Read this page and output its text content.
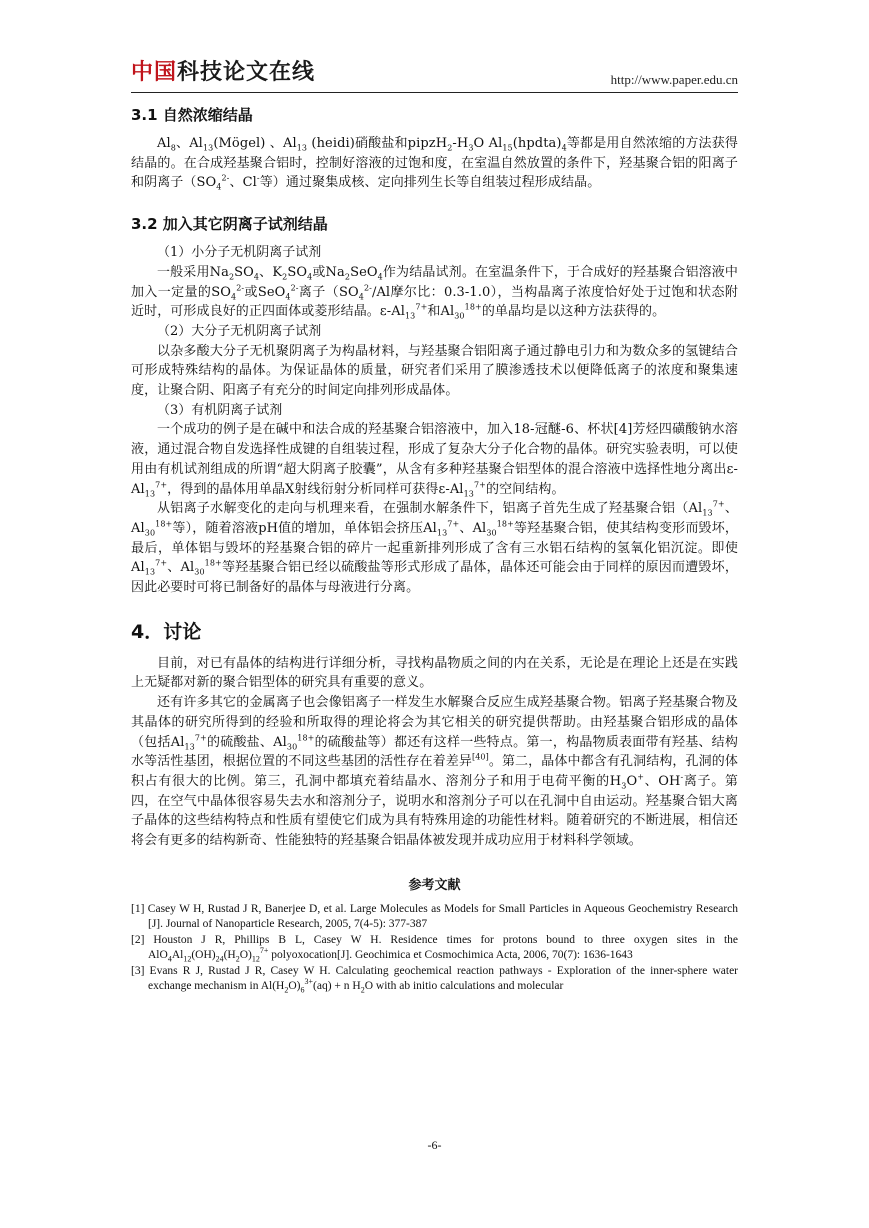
中国科技论文在线	http://www.paper.edu.cn
3.1 自然浓缩结晶

$Al_8$、$Al_{13}(Mögel)$ 、$Al_{13}$ (heidi)硝酸盐和$pipzH_2-H_3O$ $Al_{15}(hpdta)_4$等都是用自然浓缩的方法获得结晶的。在合成羟基聚合铝时，控制好溶液的过饱和度，在室温自然放置的条件下，羟基聚合铝的阳离子和阴离子（$SO_4^{2-}$、Cl-等）通过聚集成核、定向排列生长等自组装过程形成结晶。

3.2 加入其它阴离子试剂结晶

（1）小分子无机阴离子试剂

一般采用$Na_2SO_4$、$K_2SO_4$或$Na_2SeO_4$作为结晶试剂。在室温条件下，于合成好的羟基聚合铝溶液中加入一定量的$SO_4^{2-}$或SeO$_4^{2-}$离子（$SO_4^{2-}/Al$摩尔比：0.3-1.0），当构晶离子浓度恰好处于过饱和状态附近时，可形成良好的正四面体或菱形结晶。$\varepsilon-Al_{13}^{7+}$和$Al_{30}^{18+}$的单晶均是以这种方法获得的。

（2）大分子无机阴离子试剂

以杂多酸大分子无机聚阴离子为构晶材料，与羟基聚合铝阳离子通过静电引力和为数众多的氢键结合可形成特殊结构的晶体。为保证晶体的质量，研究者们采用了膜渗透技术以便降低离子的浓度和聚集速度，让聚合阴、阳离子有充分的时间定向排列形成晶体。

（3）有机阴离子试剂

一个成功的例子是在碱中和法合成的羟基聚合铝溶液中，加入18-冠醚-6、杯状[4]芳烃四磺酸钠水溶液，通过混合物自发选择性成键的自组装过程，形成了复杂大分子化合物的晶体。研究实验表明，可以使用由有机试剂组成的所谓“超大阴离子胶囊”，从含有多种羟基聚合铝型体的混合溶液中选择性地分离出$\varepsilon-Al_{13}^{7+}$，得到的晶体用单晶X射线衍射分析同样可获得$\varepsilon-Al_{13}^{7+}$的空间结构。

从铝离子水解变化的走向与机理来看，在强制水解条件下，铝离子首先生成了羟基聚合铝（$Al_{13}^{7+}$、$Al_{30}^{18+}$等），随着溶液pH值的增加，单体铝会挤压$Al_{13}^{7+}$、$Al_{30}^{18+}$等羟基聚合铝，使其结构变形而毁坏，最后，单体铝与毁坏的羟基聚合铝的碎片一起重新排列形成了含有三水铝石结构的氢氧化铝沉淀。即使$Al_{13}^{7+}$、$Al_{30}^{18+}$等羟基聚合铝已经以硫酸盐等形式形成了晶体，晶体还可能会由于同样的原因而遭毁坏，因此必要时可将已制备好的晶体与母液进行分离。

4．讨论

目前，对已有晶体的结构进行详细分析，寻找构晶物质之间的内在关系，无论是在理论上还是在实践上无疑都对新的聚合铝型体的研究具有重要的意义。

还有许多其它的金属离子也会像铝离子一样发生水解聚合反应生成羟基聚合物。铝离子羟基聚合物及其晶体的研究所得到的经验和所取得的理论将会为其它相关的研究提供帮助。由羟基聚合铝形成的晶体（包括$Al_{13}^{7+}$的硫酸盐、$Al_{30}^{18+}$的硫酸盐等）都还有这样一些特点。第一，构晶物质表面带有羟基、结构水等活性基团，根据位置的不同这些基团的活性存在着差异[40]。第二，晶体中都含有孔洞结构，孔洞的体积占有很大的比例。第三，孔洞中都填充着结晶水、溶剂分子和用于电荷平衡的$H_3O^+$、OH-离子。第四，在空气中晶体很容易失去水和溶剂分子，说明水和溶剂分子可以在孔洞中自由运动。羟基聚合铝大离子晶体的这些结构特点和性质有望使它们成为具有特殊用途的功能性材料。随着研究的不断进展，相信还将会有更多的结构新奇、性能独特的羟基聚合铝晶体被发现并成功应用于材料科学领域。

参考文献

[1] Casey W H, Rustad J R, Banerjee D, et al. Large Molecules as Models for Small Particles in Aqueous Geochemistry Research [J]. Journal of Nanoparticle Research, 2005, 7(4-5): 377-387

[2] Houston J R, Phillips B L, Casey W H. Residence times for protons bound to three oxygen sites in the $AlO_4Al_{12}(OH)_{24}(H_2O)_{12}^{7+}$ polyoxocation[J]. Geochimica et Cosmochimica Acta, 2006, 70(7): 1636-1643

[3] Evans R J, Rustad J R, Casey W H. Calculating geochemical reaction pathways - Exploration of the inner-sphere water exchange mechanism in $Al(H_2O)_6^{3+}(aq) + n$ $H_2O$ with ab initio calculations and molecular

-6-
